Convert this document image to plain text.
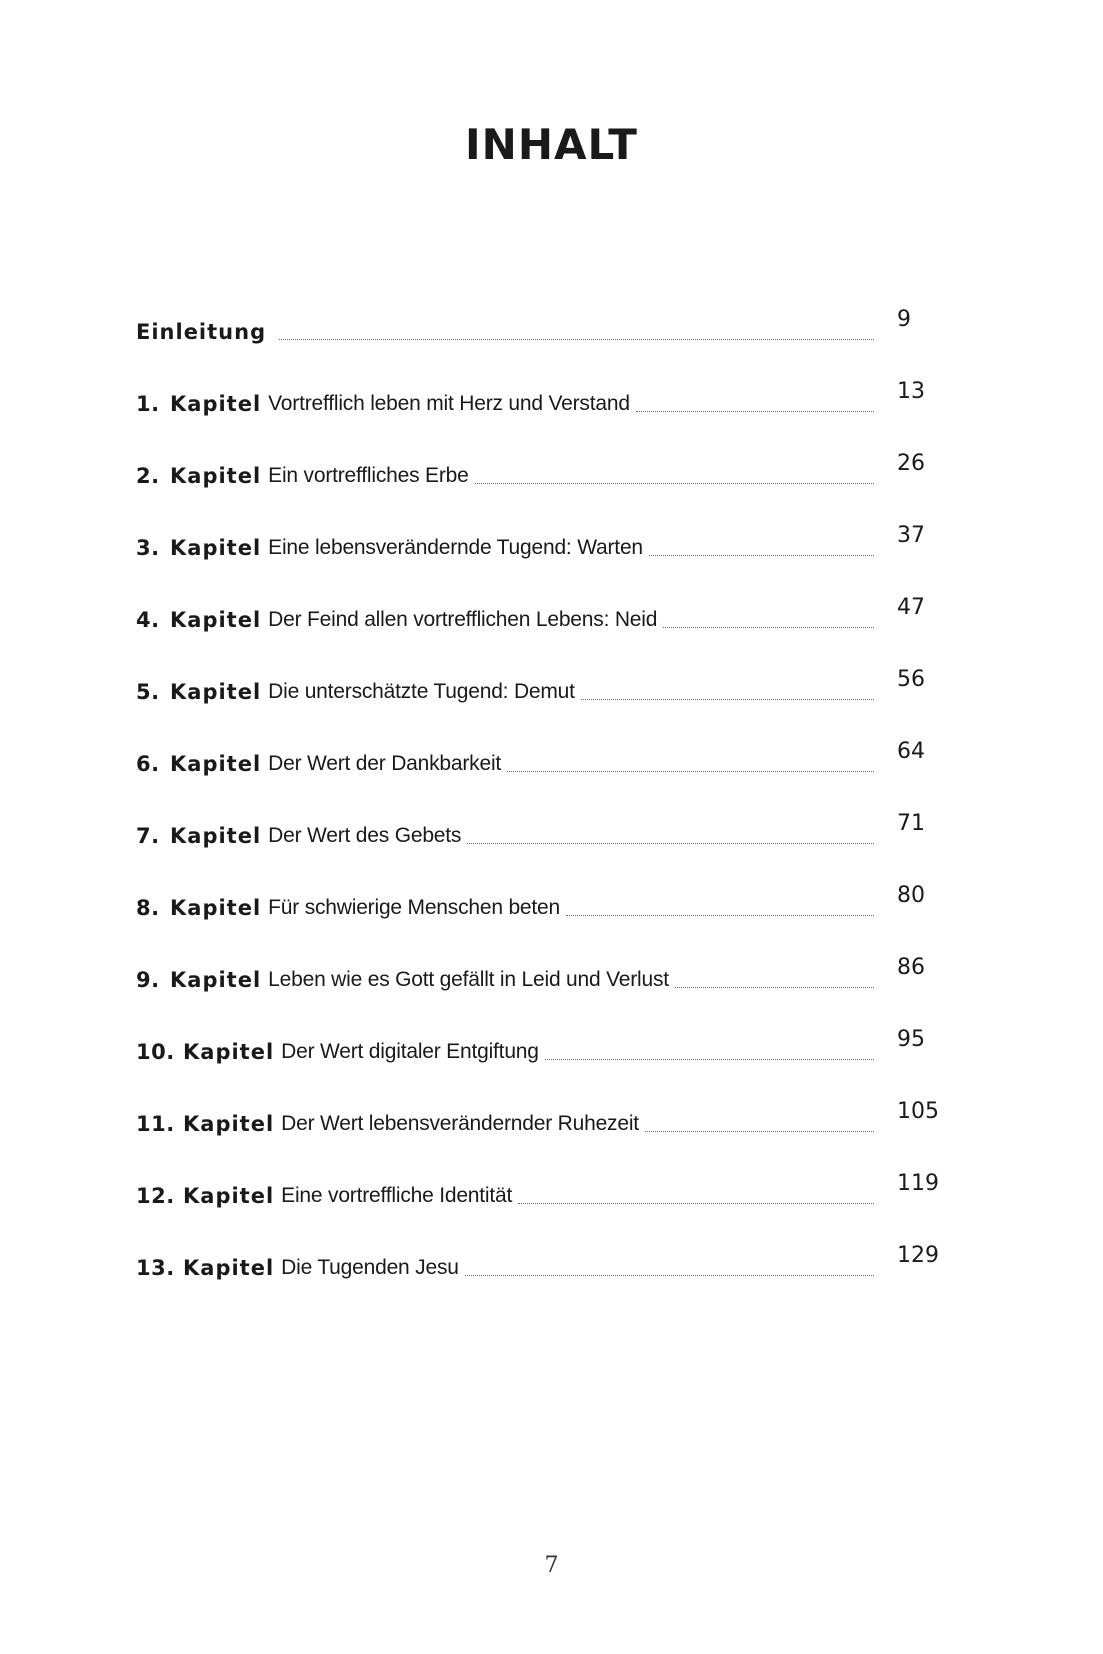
INHALT
Einleitung	9
1. Kapitel Vortrefflich leben mit Herz und Verstand	13
2. Kapitel Ein vortreffliches Erbe	26
3. Kapitel Eine lebensverändernde Tugend: Warten	37
4. Kapitel Der Feind allen vortrefflichen Lebens: Neid	47
5. Kapitel Die unterschätzte Tugend: Demut	56
6. Kapitel Der Wert der Dankbarkeit	64
7. Kapitel Der Wert des Gebets	71
8. Kapitel Für schwierige Menschen beten	80
9. Kapitel Leben wie es Gott gefällt in Leid und Verlust	86
10. Kapitel Der Wert digitaler Entgiftung	95
11. Kapitel Der Wert lebensverändernder Ruhezeit	105
12. Kapitel Eine vortreffliche Identität	119
13. Kapitel Die Tugenden Jesu	129
7
